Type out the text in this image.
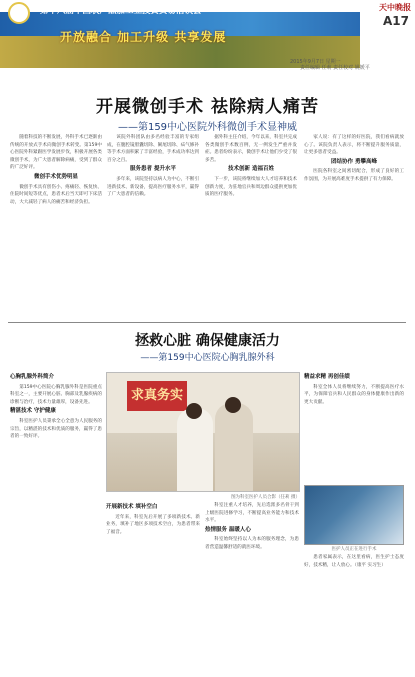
天中晚报
A17
第十八届中国农产品加工业投资贸易洽谈会
开放融合 加工升级 共享发展
2015年9月7日 星期一
责任编辑 任莉 责任校对 姚媛平
开展微创手术 祛除病人痛苦
——第159中心医院外科微创手术显神威

随着科技的不断发展，外科手术已逐渐由传统的开放式手术向微创手术转变。第159中心医院外科紧跟医学发展步伐，积极开展各类微创手术，为广大患者解除病痛，受到了群众的广泛好评。

微创手术优势明显

微创手术具有创伤小、疼痛轻、恢复快、住院时间短等优点，患者术后当天即可下床活动，大大减轻了病人的痛苦和经济负担。

该院外科团队由多名经验丰富的专家组成，在腹腔镜胆囊切除、阑尾切除、疝气修补等手术方面积累了丰富经验，手术成功率达到百分之百。

服务患者 提升水平

多年来，该院坚持以病人为中心，不断引进新技术、新设备，提高医疗服务水平，赢得了广大患者的信赖。

据外科主任介绍，今年以来，科室共完成各类微创手术数百例，无一例发生严重并发症。患者纷纷表示，微创手术让他们少受了很多苦。

技术创新 造福百姓

下一步，该院将继续加大人才培养和技术创新力度，为驻地官兵和周边群众提供更加优质的医疗服务。

家人说：有了这样的好医院，我们看病就放心了。该院负责人表示，将不断提升服务质量，让更多患者受益。

团结协作 勇攀高峰

医院各科室之间密切配合，形成了良好的工作氛围，为开展高难度手术提供了有力保障。

拯救心脏 确保健康活力
——第159中心医院心胸乳腺外科
心胸乳腺外科简介

第159中心医院心胸乳腺外科是医院重点科室之一，主要开展心脏、胸部及乳腺疾病的诊断与治疗，技术力量雄厚，设备先进。

精湛技术 守护健康

科室医护人员秉承全心全意为人民服务的宗旨，以精湛的技术和优质的服务，赢得了患者的一致好评。

求真务实
图为科室医护人员合影（任莉 摄）
开展新技术 填补空白

近年来，科室先后开展了多项新技术、新业务，填补了地区多项技术空白，为患者带来了福音。

科室注重人才培养，先后选派多名骨干到上级医院进修学习，不断提高业务能力和技术水平。

热情服务 温暖人心

科室始终坚持以人为本的服务理念，为患者营造温馨舒适的就医环境。

精益求精 再创佳绩

科室全体人员将继续努力，不断提高医疗水平，为保障官兵和人民群众的身体健康作出新的更大贡献。

医护人员正在进行手术

患者家属表示，在这里看病，医生护士态度好，技术精，让人放心。（康平 实习生）
